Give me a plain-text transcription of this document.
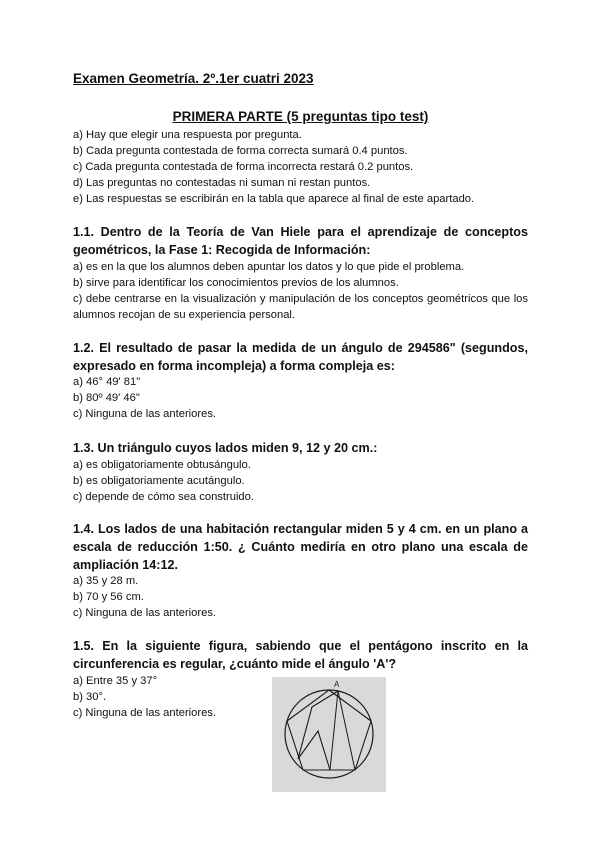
Examen Geometría. 2º.1er cuatri 2023
PRIMERA PARTE (5 preguntas tipo test)
a) Hay que elegir una respuesta por pregunta.
b) Cada pregunta contestada de forma correcta sumará 0.4 puntos.
c) Cada pregunta contestada de forma incorrecta restará 0.2 puntos.
d) Las preguntas no contestadas ni suman ni restan puntos.
e) Las respuestas se escribirán en la tabla que aparece al final de este apartado.
1.1. Dentro de la Teoría de Van Hiele para el aprendizaje de conceptos geométricos, la Fase 1: Recogida de Información:
a) es en la que los alumnos deben apuntar los datos y lo que pide el problema.
b) sirve para identificar los conocimientos previos de los alumnos.
c) debe centrarse en la visualización y manipulación de los conceptos geométricos que los alumnos recojan de su experiencia personal.
1.2. El resultado de pasar la medida de un ángulo de 294586" (segundos, expresado en forma incompleja) a forma compleja es:
a) 46° 49' 81"
b) 80º 49' 46"
c) Ninguna de las anteriores.
1.3. Un triángulo cuyos lados miden 9, 12 y 20 cm.:
a) es obligatoriamente obtusángulo.
b) es obligatoriamente acutángulo.
c) depende de cómo sea construido.
1.4. Los lados de una habitación rectangular miden 5 y 4 cm. en un plano a escala de reducción 1:50. ¿ Cuánto mediría en otro plano una escala de ampliación 14:12.
a) 35 y 28 m.
b) 70 y 56 cm.
c) Ninguna de las anteriores.
1.5. En la siguiente figura, sabiendo que el pentágono inscrito en la circunferencia es regular, ¿cuánto mide el ángulo 'A'?
a) Entre 35 y 37°
b) 30°.
c) Ninguna de las anteriores.
A
